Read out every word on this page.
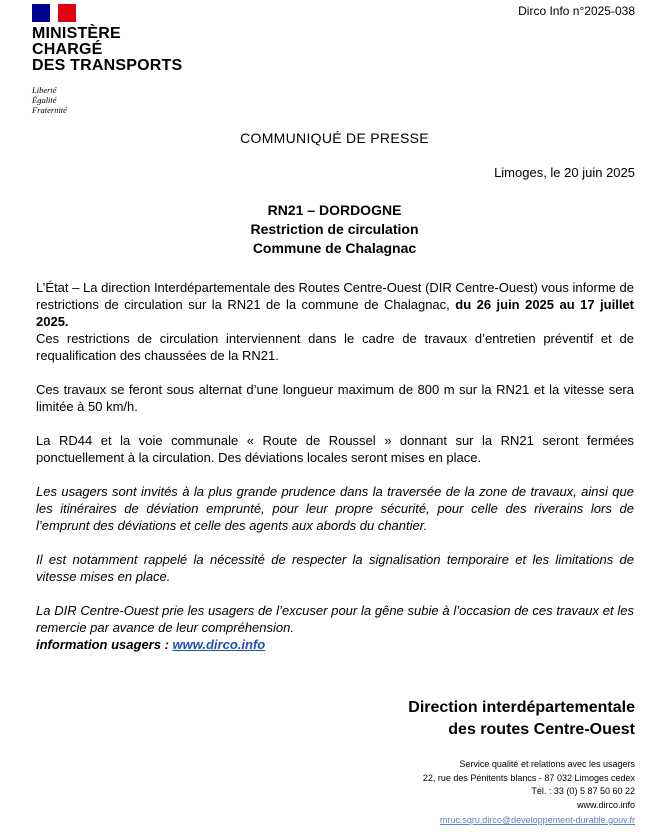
MINISTÈRE
CHARGÉ
DES TRANSPORTS
Liberté
Égalité
Fraternité
Dirco Info n°2025-038
COMMUNIQUÉ DE PRESSE
Limoges, le 20 juin 2025
RN21 – DORDOGNE
Restriction de circulation
Commune de Chalagnac

L’État – La direction Interdépartementale des Routes Centre-Ouest (DIR Centre-Ouest) vous informe de restrictions de circulation sur la RN21 de la commune de Chalagnac, du 26 juin 2025 au 17 juillet 2025.
Ces restrictions de circulation interviennent dans le cadre de travaux d’entretien préventif et de requalification des chaussées de la RN21.

Ces travaux se feront sous alternat d’une longueur maximum de 800 m sur la RN21 et la vitesse sera limitée à 50 km/h.

La RD44 et la voie communale « Route de Roussel » donnant sur la RN21 seront fermées ponctuellement à la circulation. Des déviations locales seront mises en place.

Les usagers sont invités à la plus grande prudence dans la traversée de la zone de travaux, ainsi que les itinéraires de déviation emprunté, pour leur propre sécurité, pour celle des riverains lors de l’emprunt des déviations et celle des agents aux abords du chantier.

Il est notamment rappelé la nécessité de respecter la signalisation temporaire et les limitations de vitesse mises en place.

La DIR Centre-Ouest prie les usagers de l’excuser pour la gêne subie à l’occasion de ces travaux et les remercie par avance de leur compréhension.

information usagers : www.dirco.info
Direction interdépartementale
des routes Centre-Ouest
Service qualité et relations avec les usagers
22, rue des Pénitents blancs - 87 032 Limoges cedex
Tél. : 33 (0) 5 87 50 60 22
www.dirco.info
mruc.sqru.dirco@developpement-durable.gouv.fr
